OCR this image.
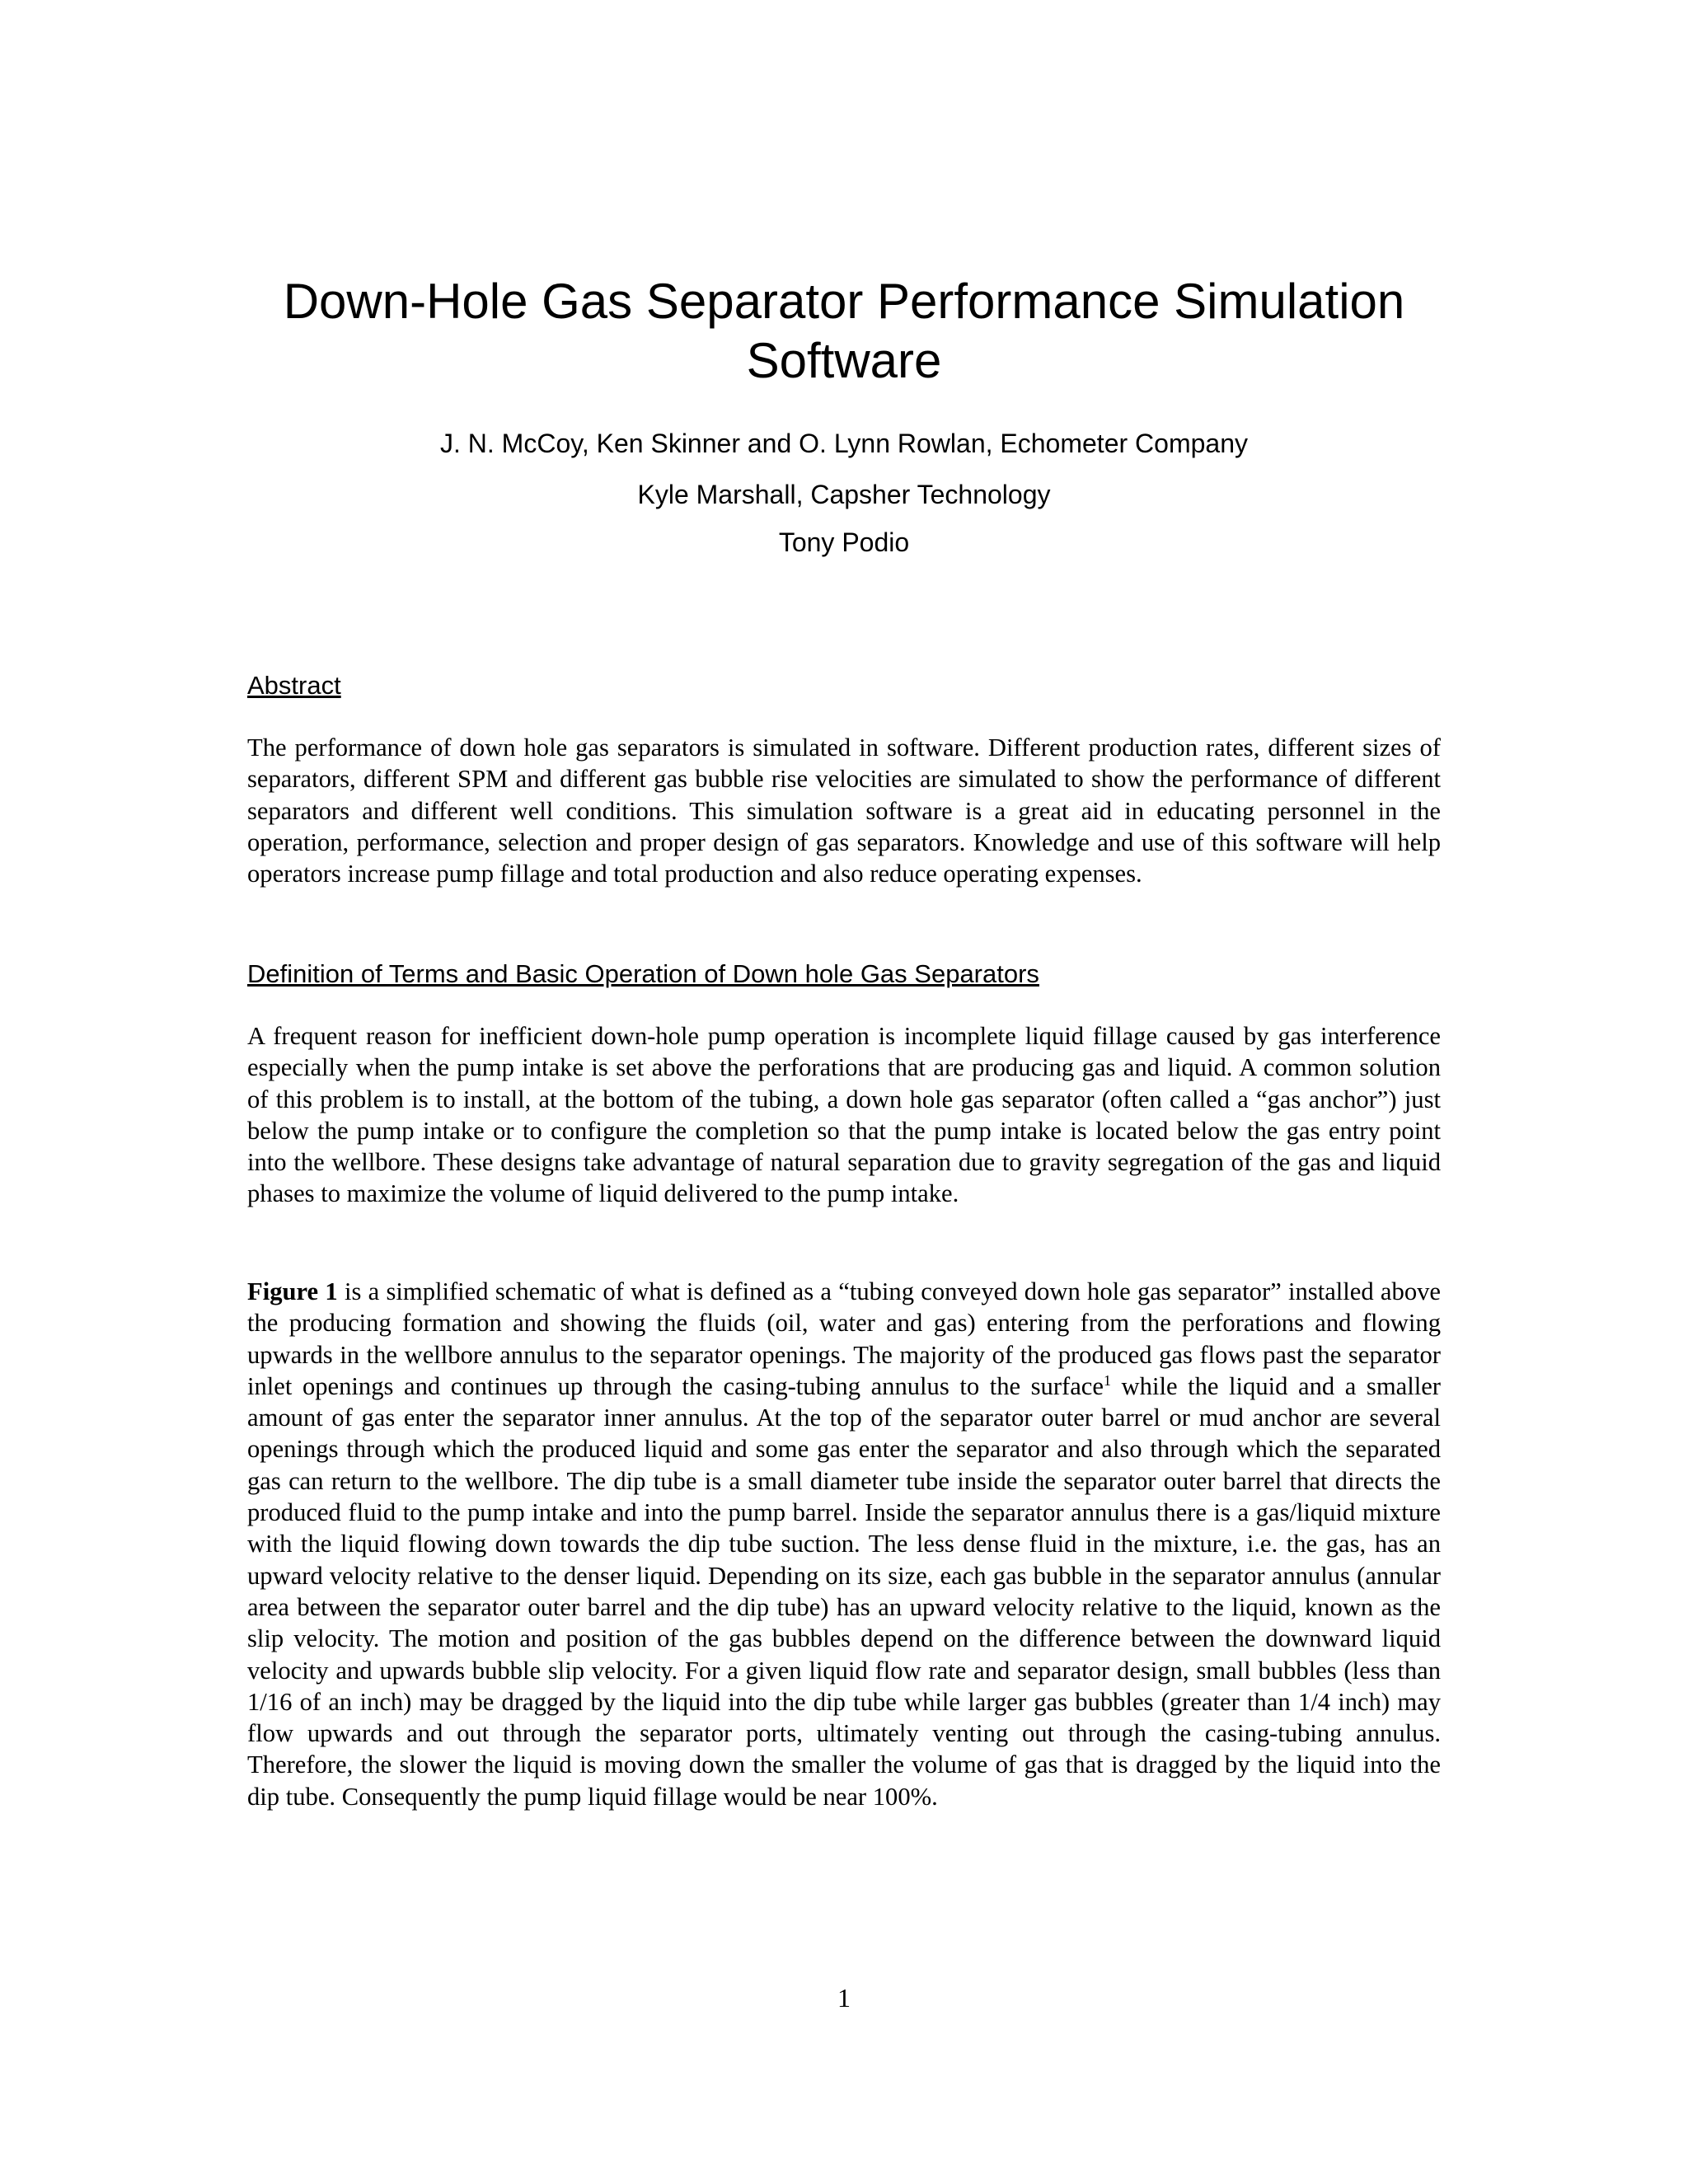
Down-Hole Gas Separator Performance Simulation Software

J. N. McCoy, Ken Skinner and O. Lynn Rowlan, Echometer Company

Kyle Marshall, Capsher Technology

Tony Podio

Abstract

The performance of down hole gas separators is simulated in software. Different production rates, different sizes of separators, different SPM and different gas bubble rise velocities are simulated to show the performance of different separators and different well conditions. This simulation software is a great aid in educating personnel in the operation, performance, selection and proper design of gas separators. Knowledge and use of this software will help operators increase pump fillage and total production and also reduce operating expenses.

Definition of Terms and Basic Operation of Down hole Gas Separators

A frequent reason for inefficient down-hole pump operation is incomplete liquid fillage caused by gas interference especially when the pump intake is set above the perforations that are producing gas and liquid. A common solution of this problem is to install, at the bottom of the tubing, a down hole gas separator (often called a “gas anchor”) just below the pump intake or to configure the completion so that the pump intake is located below the gas entry point into the wellbore. These designs take advantage of natural separation due to gravity segregation of the gas and liquid phases to maximize the volume of liquid delivered to the pump intake.

Figure 1 is a simplified schematic of what is defined as a “tubing conveyed down hole gas separator” installed above the producing formation and showing the fluids (oil, water and gas) entering from the perforations and flowing upwards in the wellbore annulus to the separator openings. The majority of the produced gas flows past the separator inlet openings and continues up through the casing-tubing annulus to the surface$^1$ while the liquid and a smaller amount of gas enter the separator inner annulus. At the top of the separator outer barrel or mud anchor are several openings through which the produced liquid and some gas enter the separator and also through which the separated gas can return to the wellbore. The dip tube is a small diameter tube inside the separator outer barrel that directs the produced fluid to the pump intake and into the pump barrel. Inside the separator annulus there is a gas/liquid mixture with the liquid flowing down towards the dip tube suction. The less dense fluid in the mixture, i.e. the gas, has an upward velocity relative to the denser liquid. Depending on its size, each gas bubble in the separator annulus (annular area between the separator outer barrel and the dip tube) has an upward velocity relative to the liquid, known as the slip velocity. The motion and position of the gas bubbles depend on the difference between the downward liquid velocity and upwards bubble slip velocity. For a given liquid flow rate and separator design, small bubbles (less than 1/16 of an inch) may be dragged by the liquid into the dip tube while larger gas bubbles (greater than 1/4 inch) may flow upwards and out through the separator ports, ultimately venting out through the casing-tubing annulus. Therefore, the slower the liquid is moving down the smaller the volume of gas that is dragged by the liquid into the dip tube. Consequently the pump liquid fillage would be near 100%.

1
